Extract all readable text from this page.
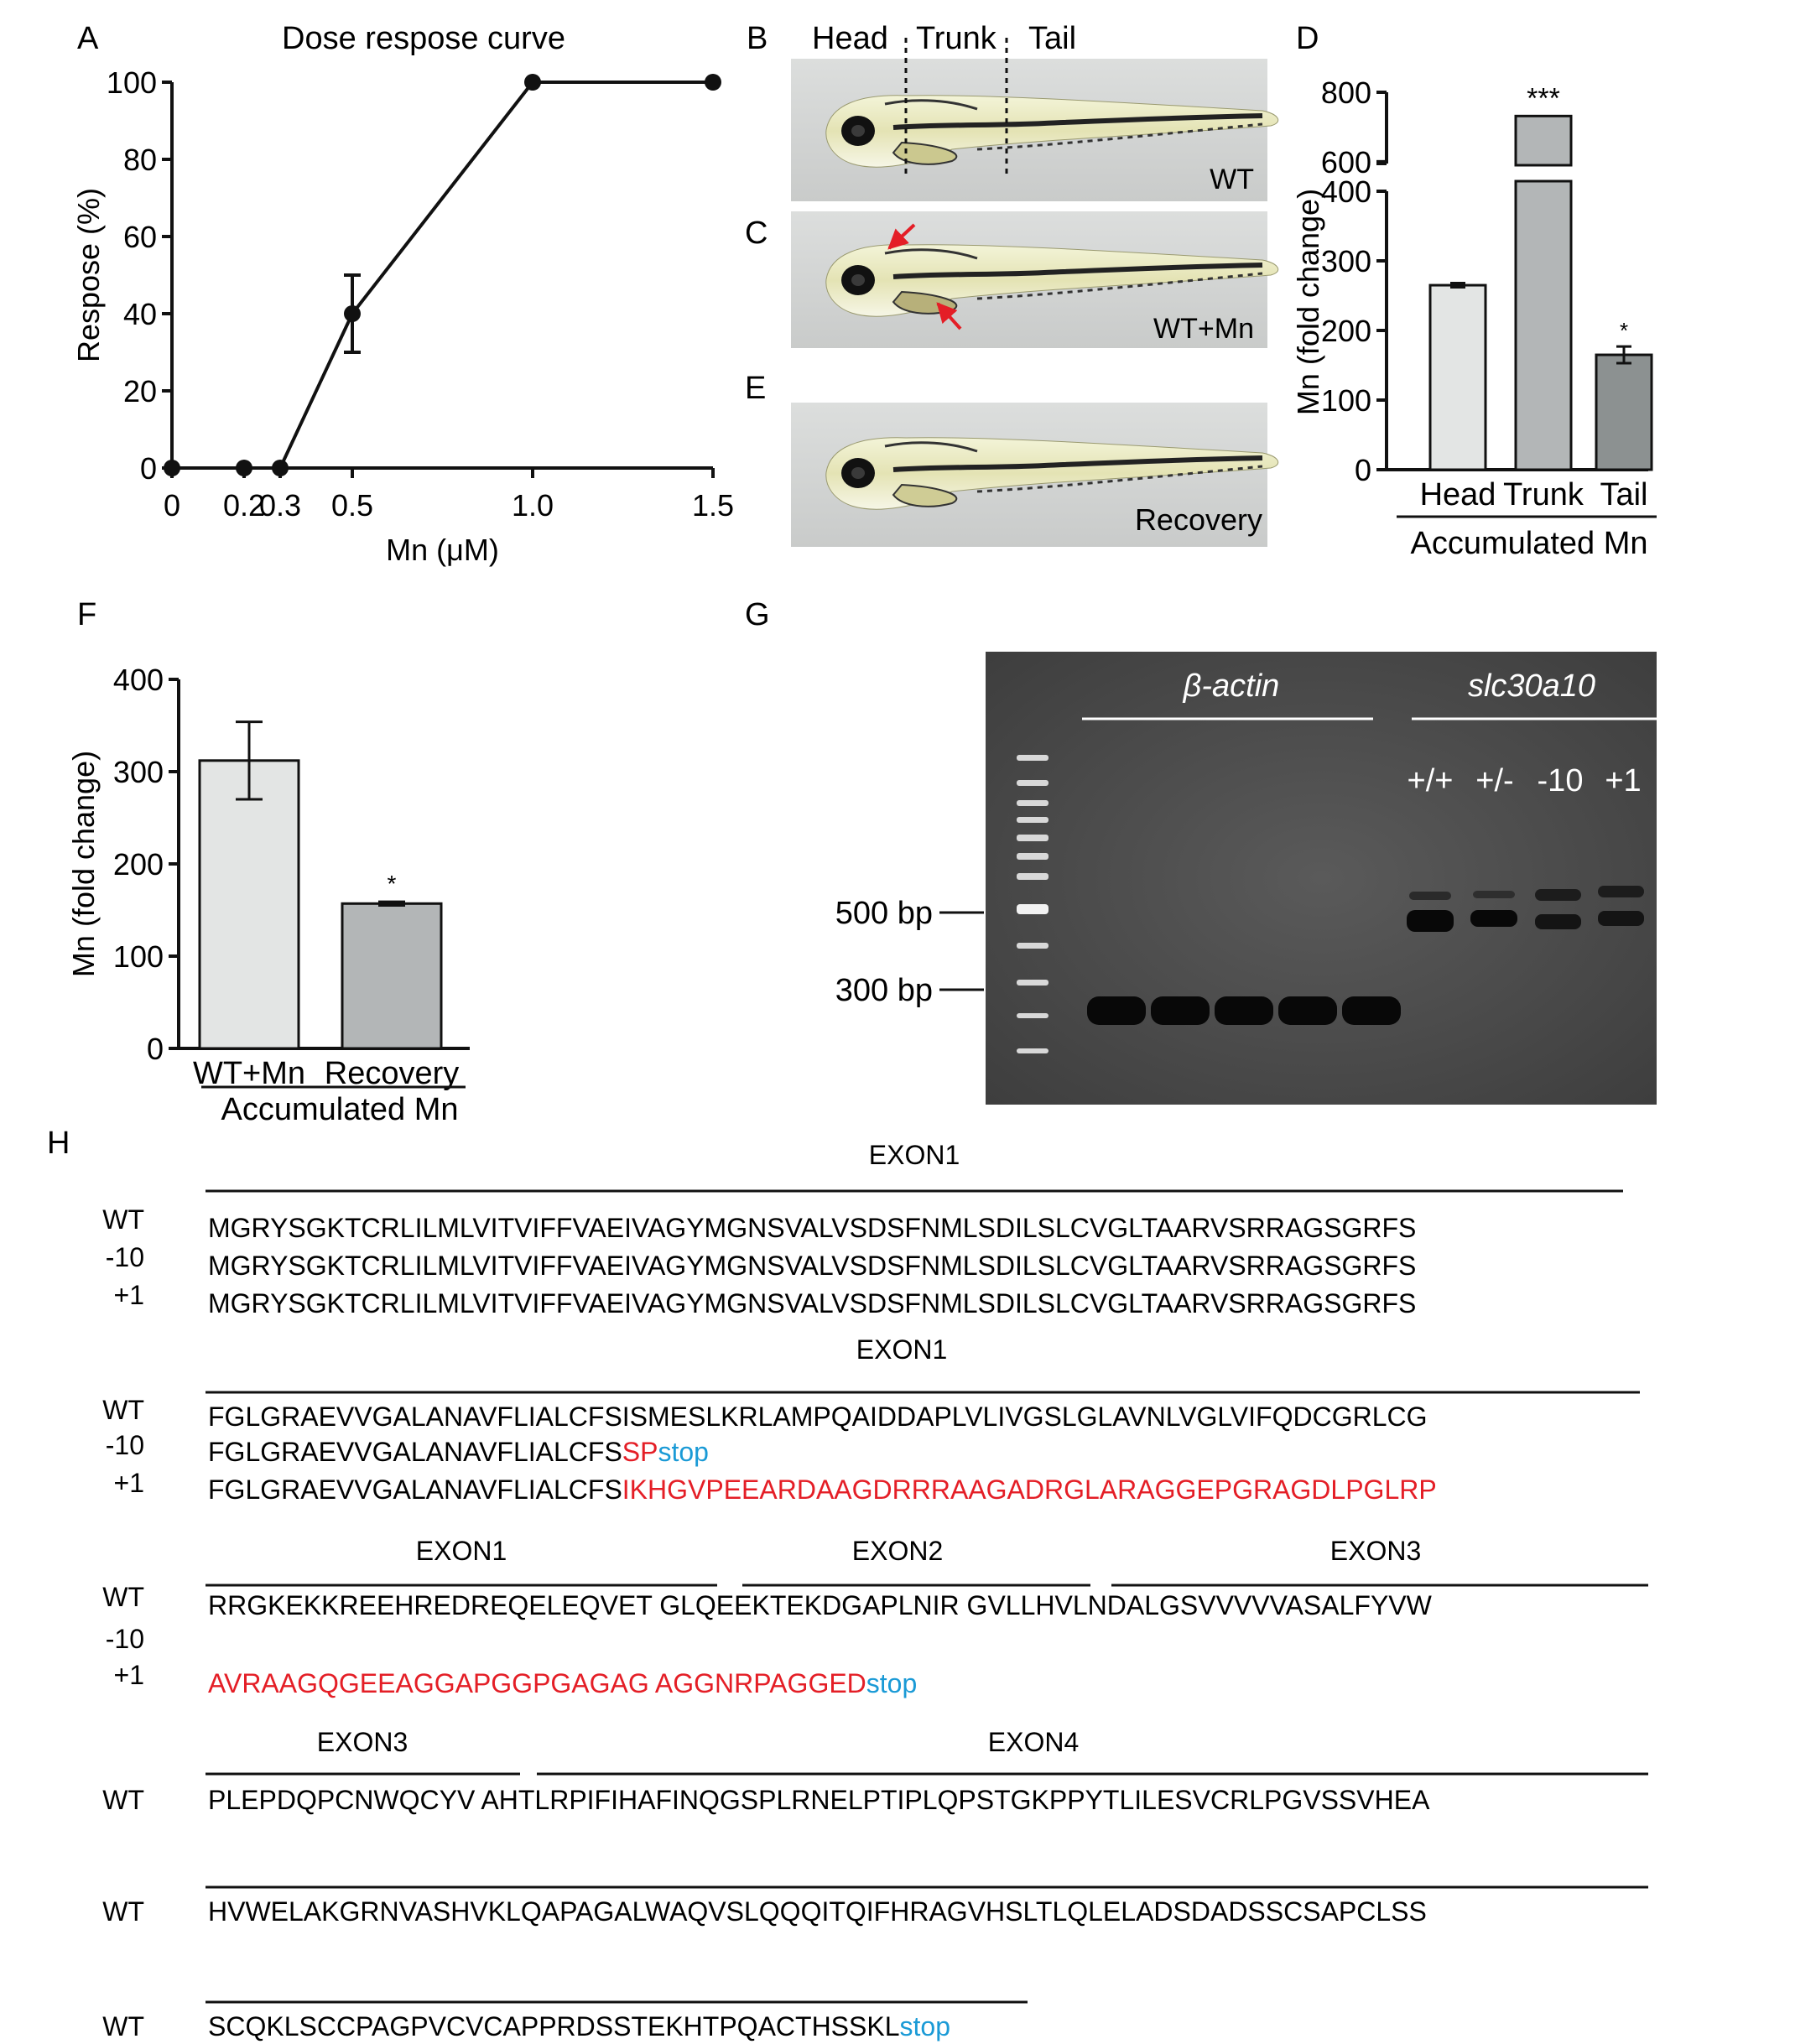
A	B
C
D
E
F	G
H
Dose respose curve
0
20
40
60
80
100
0 0.2
0.3 0.5	1.0	1.5
Mn (μM)
Respose (%)
Head Trunk Tail
WT
WT+Mn
Recovery
0
100
200
300
400
600
800
Head
***
Trunk
*
Tail
Accumulated Mn
Mn (fold change)
0
100
200
300
400
WT+Mn
*
Recovery
Accumulated Mn
Mn (fold change)
β-actin	slc30a10
+/+ +/- -10 +1
500 bp
300 bp
EXON1
WT MGRYSGKTCRLILMLVITVIFFVAEIVAGYMGNSVALVSDSFNMLSDILSLCVGLTAARVSRRAGSGRFS
-10 MGRYSGKTCRLILMLVITVIFFVAEIVAGYMGNSVALVSDSFNMLSDILSLCVGLTAARVSRRAGSGRFS
+1 MGRYSGKTCRLILMLVITVIFFVAEIVAGYMGNSVALVSDSFNMLSDILSLCVGLTAARVSRRAGSGRFS
EXON1
WT FGLGRAEVVGALANAVFLIALCFSISMESLKRLAMPQAIDDAPLVLIVGSLGLAVNLVGLVIFQDCGRLCG
-10 FGLGRAEVVGALANAVFLIALCFSSPstop
+1 FGLGRAEVVGALANAVFLIALCFSIKHGVPEEARDAAGDRRRAAGADRGLARAGGEPGRAGDLPGLRP
EXON1	EXON2	EXON3
WT RRGKEKKREEHREDREQELEQVET GLQEEKTEKDGAPLNIR GVLLHVLNDALGSVVVVVASALFYVW
-10
+1 AVRAAGQGEEAGGAPGGPGAGAG AGGNRPAGGEDstop
EXON3	EXON4
WT PLEPDQPCNWQCYV AHTLRPIFIHAFINQGSPLRNELPTIPLQPSTGKPPYTLILESVCRLPGVSSVHEA
WT HVWELAKGRNVASHVKLQAPAGALWAQVSLQQQITQIFHRAGVHSLTLQLELADSDADSSCSAPCLSS
WT SCQKLSCCPAGPVCVCAPPRDSSTEKHTPQACTHSSKLstop
